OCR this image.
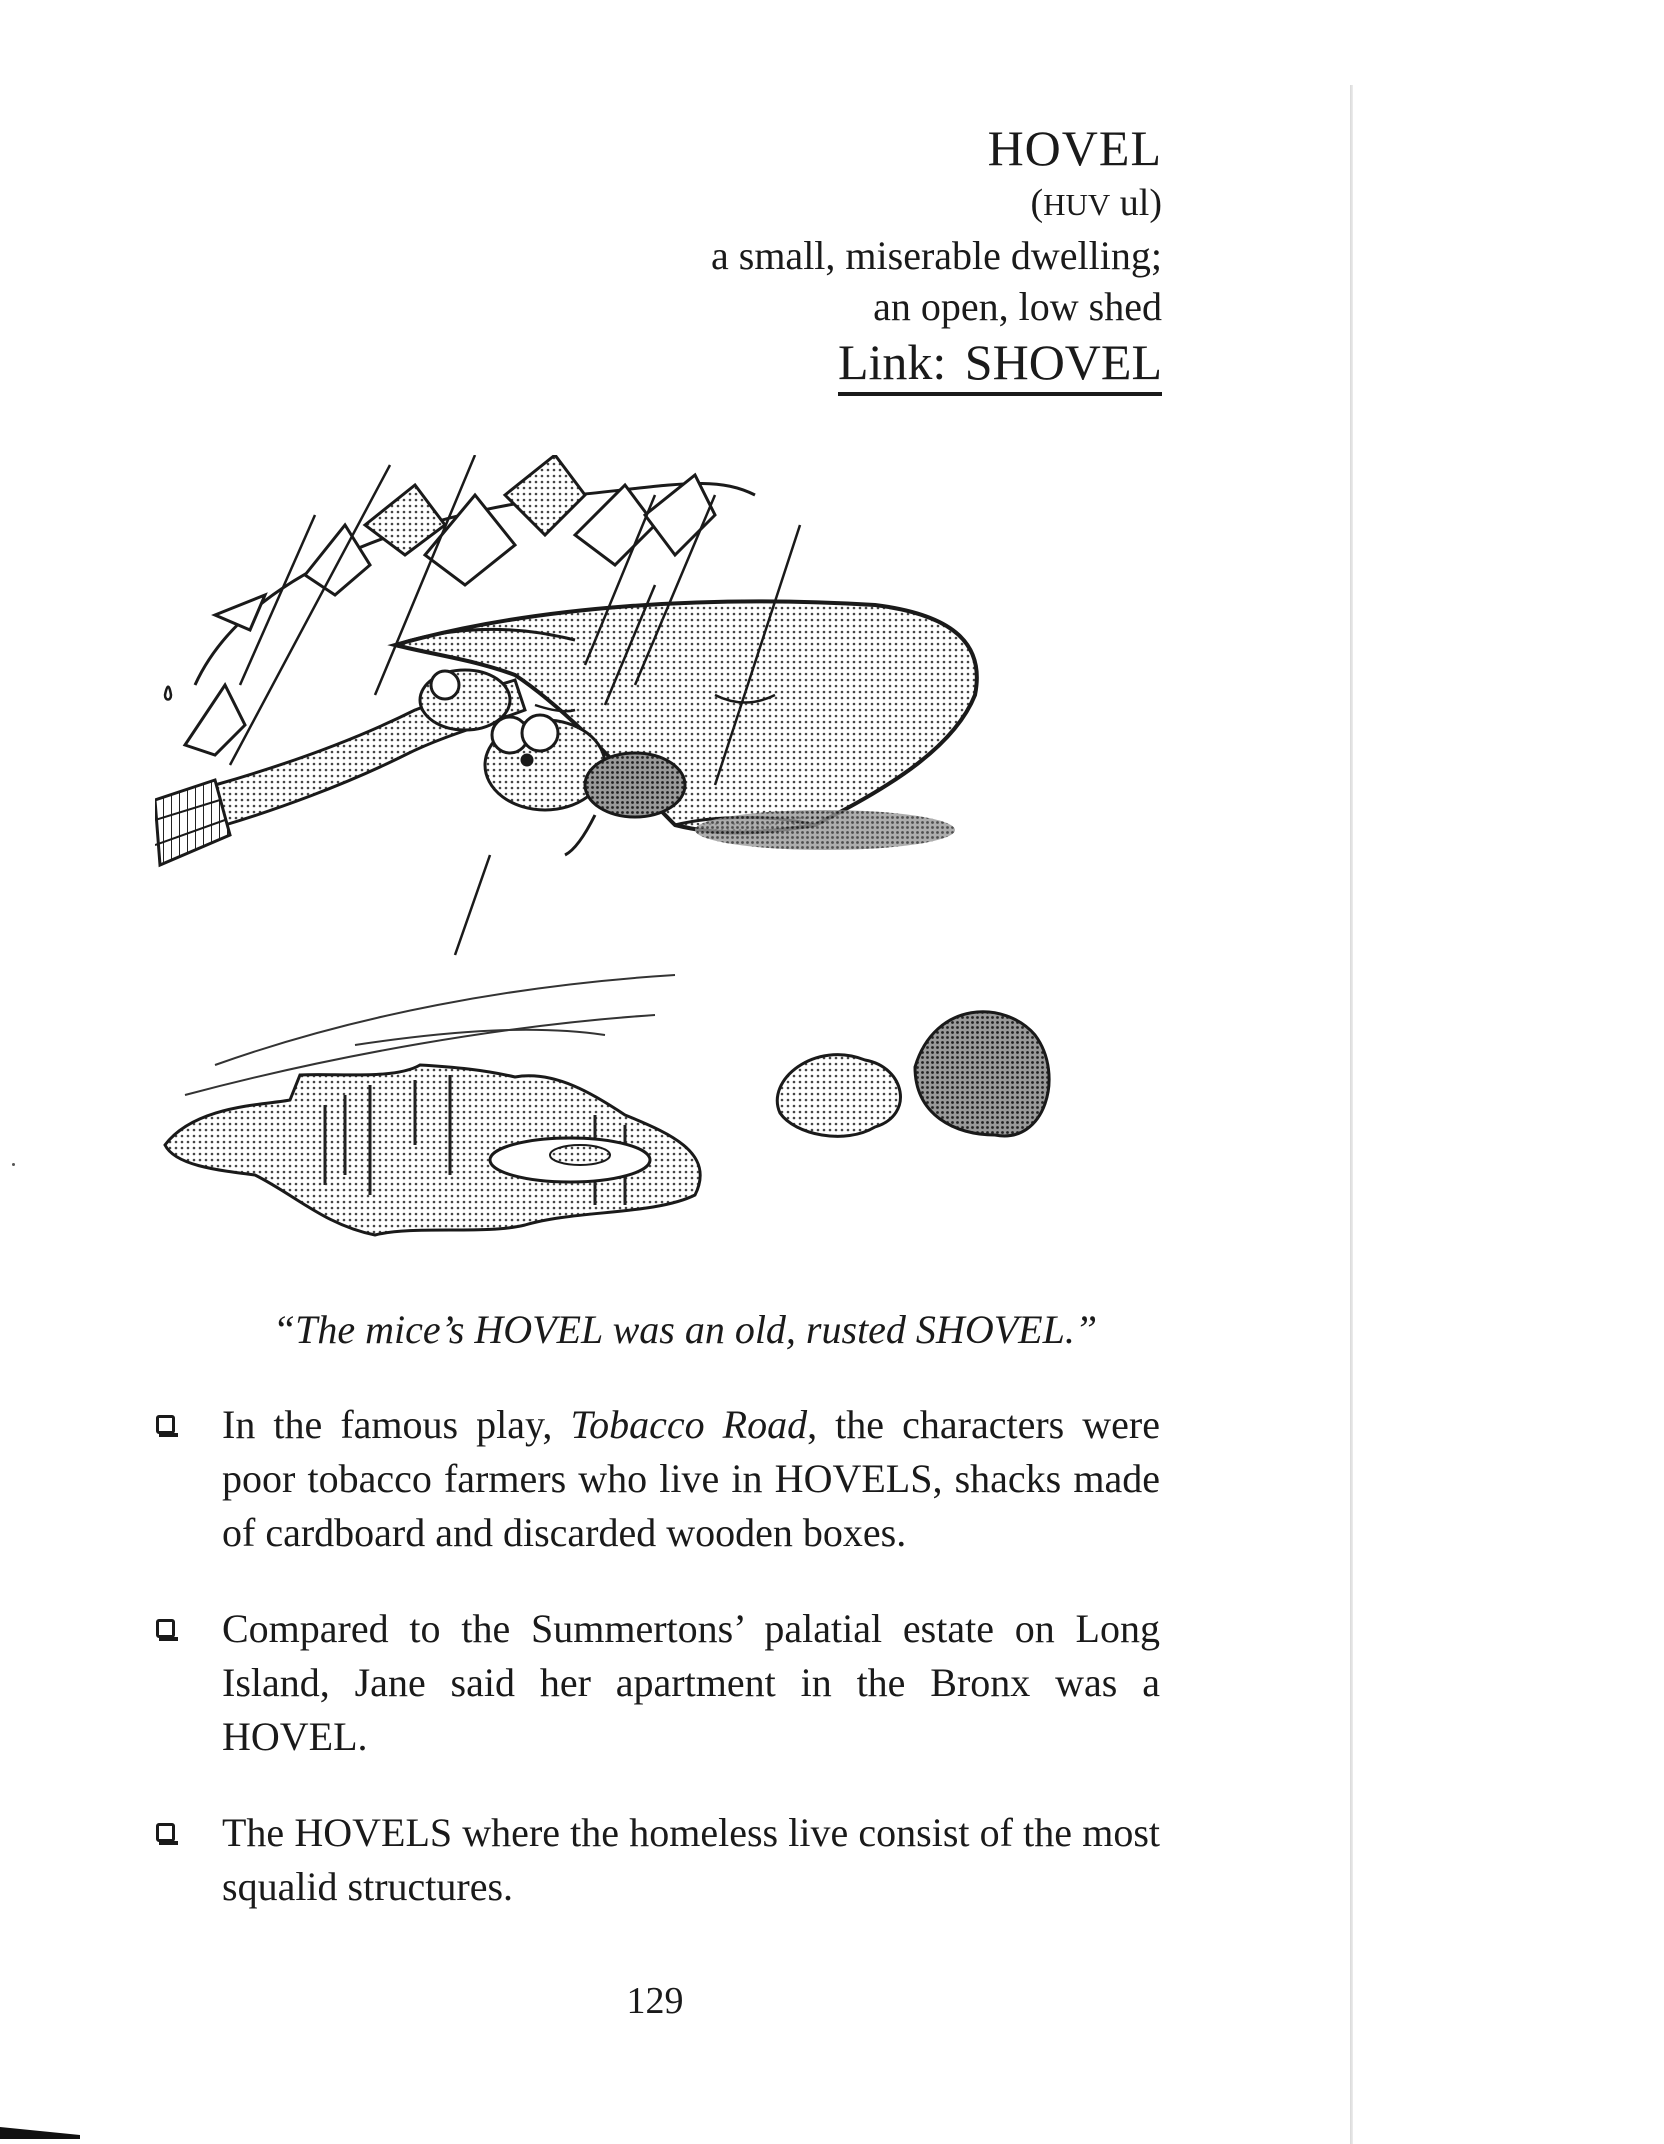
HOVEL
(HUV ul)
a small, miserable dwelling;
an open, low shed
Link: SHOVEL
“The mice’s HOVEL was an old, rusted SHOVEL.”
In the famous play, Tobacco Road, the characters were poor tobacco farmers who live in HOVELS, shacks made of cardboard and discarded wooden boxes.
Compared to the Summertons’ palatial estate on Long Island, Jane said her apartment in the Bronx was a HOVEL.
The HOVELS where the homeless live consist of the most squalid structures.
129
